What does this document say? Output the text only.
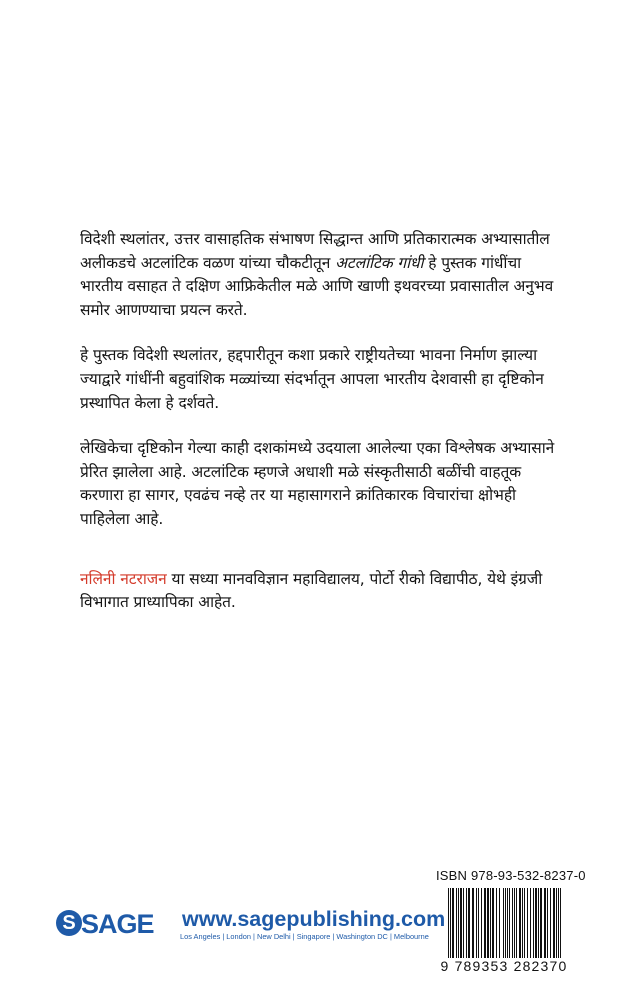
विदेशी स्थलांतर, उत्तर वासाहतिक संभाषण सिद्धान्त आणि प्रतिकारात्मक अभ्यासातील अलीकडचे अटलांटिक वळण यांच्या चौकटीतून अटलांटिक गांधी हे पुस्तक गांधींचा भारतीय वसाहत ते दक्षिण आफ्रिकेतील मळे आणि खाणी इथवरच्या प्रवासातील अनुभव समोर आणण्याचा प्रयत्न करते.

हे पुस्तक विदेशी स्थलांतर, हद्दपारीतून कशा प्रकारे राष्ट्रीयतेच्या भावना निर्माण झाल्या ज्याद्वारे गांधींनी बहुवांशिक मळ्यांच्या संदर्भातून आपला भारतीय देशवासी हा दृष्टिकोन प्रस्थापित केला हे दर्शवते.

लेखिकेचा दृष्टिकोन गेल्या काही दशकांमध्ये उदयाला आलेल्या एका विश्लेषक अभ्यासाने प्रेरित झालेला आहे. अटलांटिक म्हणजे अधाशी मळे संस्कृतीसाठी बळींची वाहतूक करणारा हा सागर, एवढंच नव्हे तर या महासागराने क्रांतिकारक विचारांचा क्षोभही पाहिलेला आहे.

नलिनी नटराजन या सध्या मानवविज्ञान महाविद्यालय, पोर्टो रीको विद्यापीठ, येथे इंग्रजी विभागात प्राध्यापिका आहेत.

ISBN 978-93-532-8237-0
9 789353 282370
S SAGE www.sagepublishing.com
Los Angeles | London | New Delhi | Singapore | Washington DC | Melbourne
